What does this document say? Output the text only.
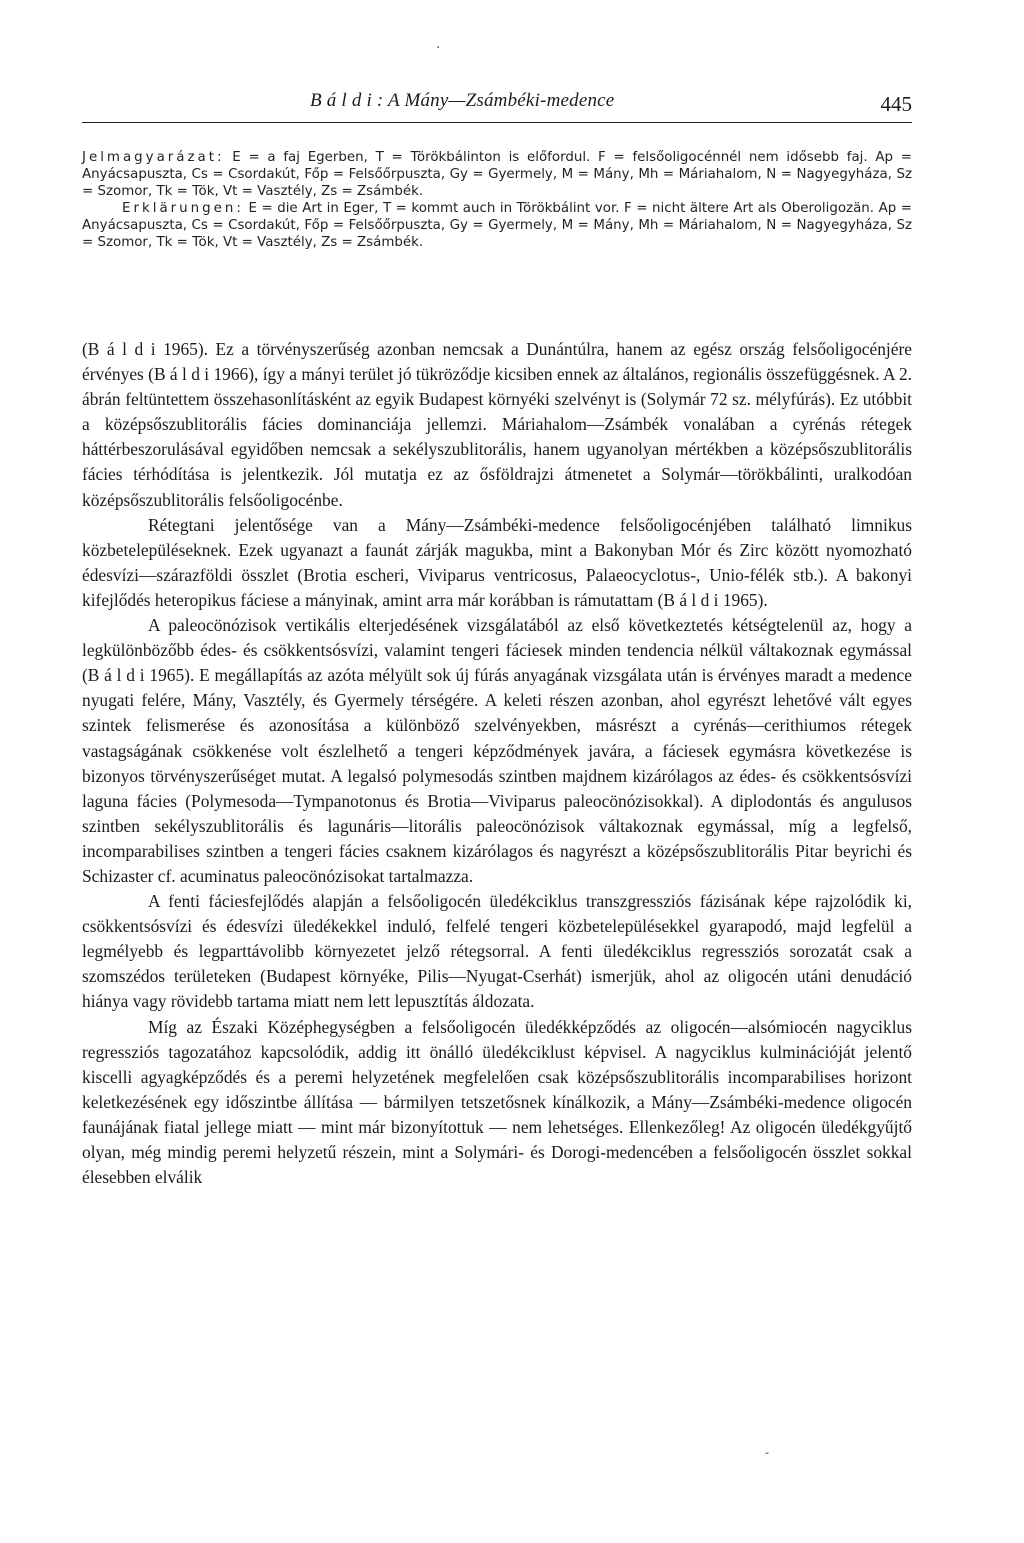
B á l d i : A Mány—Zsámbéki-medence	445

Jelmagyarázat: E = a faj Egerben, T = Törökbálinton is előfordul. F = felsőoligocénnél nem idősebb faj. Ap = Anyácsapuszta, Cs = Csordakút, Főp = Felsőőrpuszta, Gy = Gyermely, M = Mány, Mh = Máriahalom, N = Nagyegyháza, Sz = Szomor, Tk = Tök, Vt = Vasztély, Zs = Zsámbék.

Erklärungen: E = die Art in Eger, T = kommt auch in Törökbálint vor. F = nicht ältere Art als Oberoligozän. Ap = Anyácsapuszta, Cs = Csordakút, Főp = Felsőőrpuszta, Gy = Gyermely, M = Mány, Mh = Máriahalom, N = Nagyegyháza, Sz = Szomor, Tk = Tök, Vt = Vasztély, Zs = Zsámbék.

(B á l d i 1965). Ez a törvényszerűség azonban nemcsak a Dunántúlra, hanem az egész ország felsőoligocénjére érvényes (B á l d i 1966), így a mányi terület jó tükröződje kicsiben ennek az általános, regionális összefüggésnek. A 2. ábrán feltüntettem összehasonlításként az egyik Budapest környéki szelvényt is (Solymár 72 sz. mélyfúrás). Ez utóbbit a középsőszublitorális fácies dominanciája jellemzi. Máriahalom—Zsámbék vonalában a cyrénás rétegek háttérbeszorulásával egyidőben nemcsak a sekélyszublitorális, hanem ugyanolyan mértékben a középsőszublitorális fácies térhódítása is jelentkezik. Jól mutatja ez az ősföldrajzi átmenetet a Solymár—törökbálinti, uralkodóan középsőszublitorális felsőoligocénbe.

Rétegtani jelentősége van a Mány—Zsámbéki-medence felsőoligocénjében található limnikus közbetelepüléseknek. Ezek ugyanazt a faunát zárják magukba, mint a Bakonyban Mór és Zirc között nyomozható édesvízi—szárazföldi összlet (Brotia escheri, Viviparus ventricosus, Palaeocyclotus-, Unio-félék stb.). A bakonyi kifejlődés heteropikus fáciese a mányinak, amint arra már korábban is rámutattam (B á l d i 1965).

A paleocönózisok vertikális elterjedésének vizsgálatából az első következtetés kétségtelenül az, hogy a legkülönbözőbb édes- és csökkentsósvízi, valamint tengeri fáciesek minden tendencia nélkül váltakoznak egymással (B á l d i 1965). E megállapítás az azóta mélyült sok új fúrás anyagának vizsgálata után is érvényes maradt a medence nyugati felére, Mány, Vasztély, és Gyermely térségére. A keleti részen azonban, ahol egyrészt lehetővé vált egyes szintek felismerése és azonosítása a különböző szelvényekben, másrészt a cyrénás—cerithiumos rétegek vastagságának csökkenése volt észlelhető a tengeri képződmények javára, a fáciesek egymásra következése is bizonyos törvényszerűséget mutat. A legalsó polymesodás szintben majdnem kizárólagos az édes- és csökkentsósvízi laguna fácies (Polymesoda—Tympanotonus és Brotia—Viviparus paleocönózisokkal). A diplodontás és angulusos szintben sekélyszublitorális és lagunáris—litorális paleocönózisok váltakoznak egymással, míg a legfelső, incomparabilises szintben a tengeri fácies csaknem kizárólagos és nagyrészt a középsőszublitorális Pitar beyrichi és Schizaster cf. acuminatus paleocönózisokat tartalmazza.

A fenti fáciesfejlődés alapján a felsőoligocén üledékciklus transzgressziós fázisának képe rajzolódik ki, csökkentsósvízi és édesvízi üledékekkel induló, felfelé tengeri közbetelepülésekkel gyarapodó, majd legfelül a legmélyebb és legparttávolibb környezetet jelző rétegsorral. A fenti üledékciklus regressziós sorozatát csak a szomszédos területeken (Budapest környéke, Pilis—Nyugat-Cserhát) ismerjük, ahol az oligocén utáni denudáció hiánya vagy rövidebb tartama miatt nem lett lepusztítás áldozata.

Míg az Északi Középhegységben a felsőoligocén üledékképződés az oligocén—alsómiocén nagyciklus regressziós tagozatához kapcsolódik, addig itt önálló üledékciklust képvisel. A nagyciklus kulminációját jelentő kiscelli agyagképződés és a peremi helyzetének megfelelően csak középsőszublitorális incomparabilises horizont keletkezésének egy időszintbe állítása — bármilyen tetszetősnek kínálkozik, a Mány—Zsámbéki-medence oligocén faunájának fiatal jellege miatt — mint már bizonyítottuk — nem lehetséges. Ellenkezőleg! Az oligocén üledékgyűjtő olyan, még mindig peremi helyzetű részein, mint a Solymári- és Dorogi-medencében a felsőoligocén összlet sokkal élesebben elválik

·
ˊ
